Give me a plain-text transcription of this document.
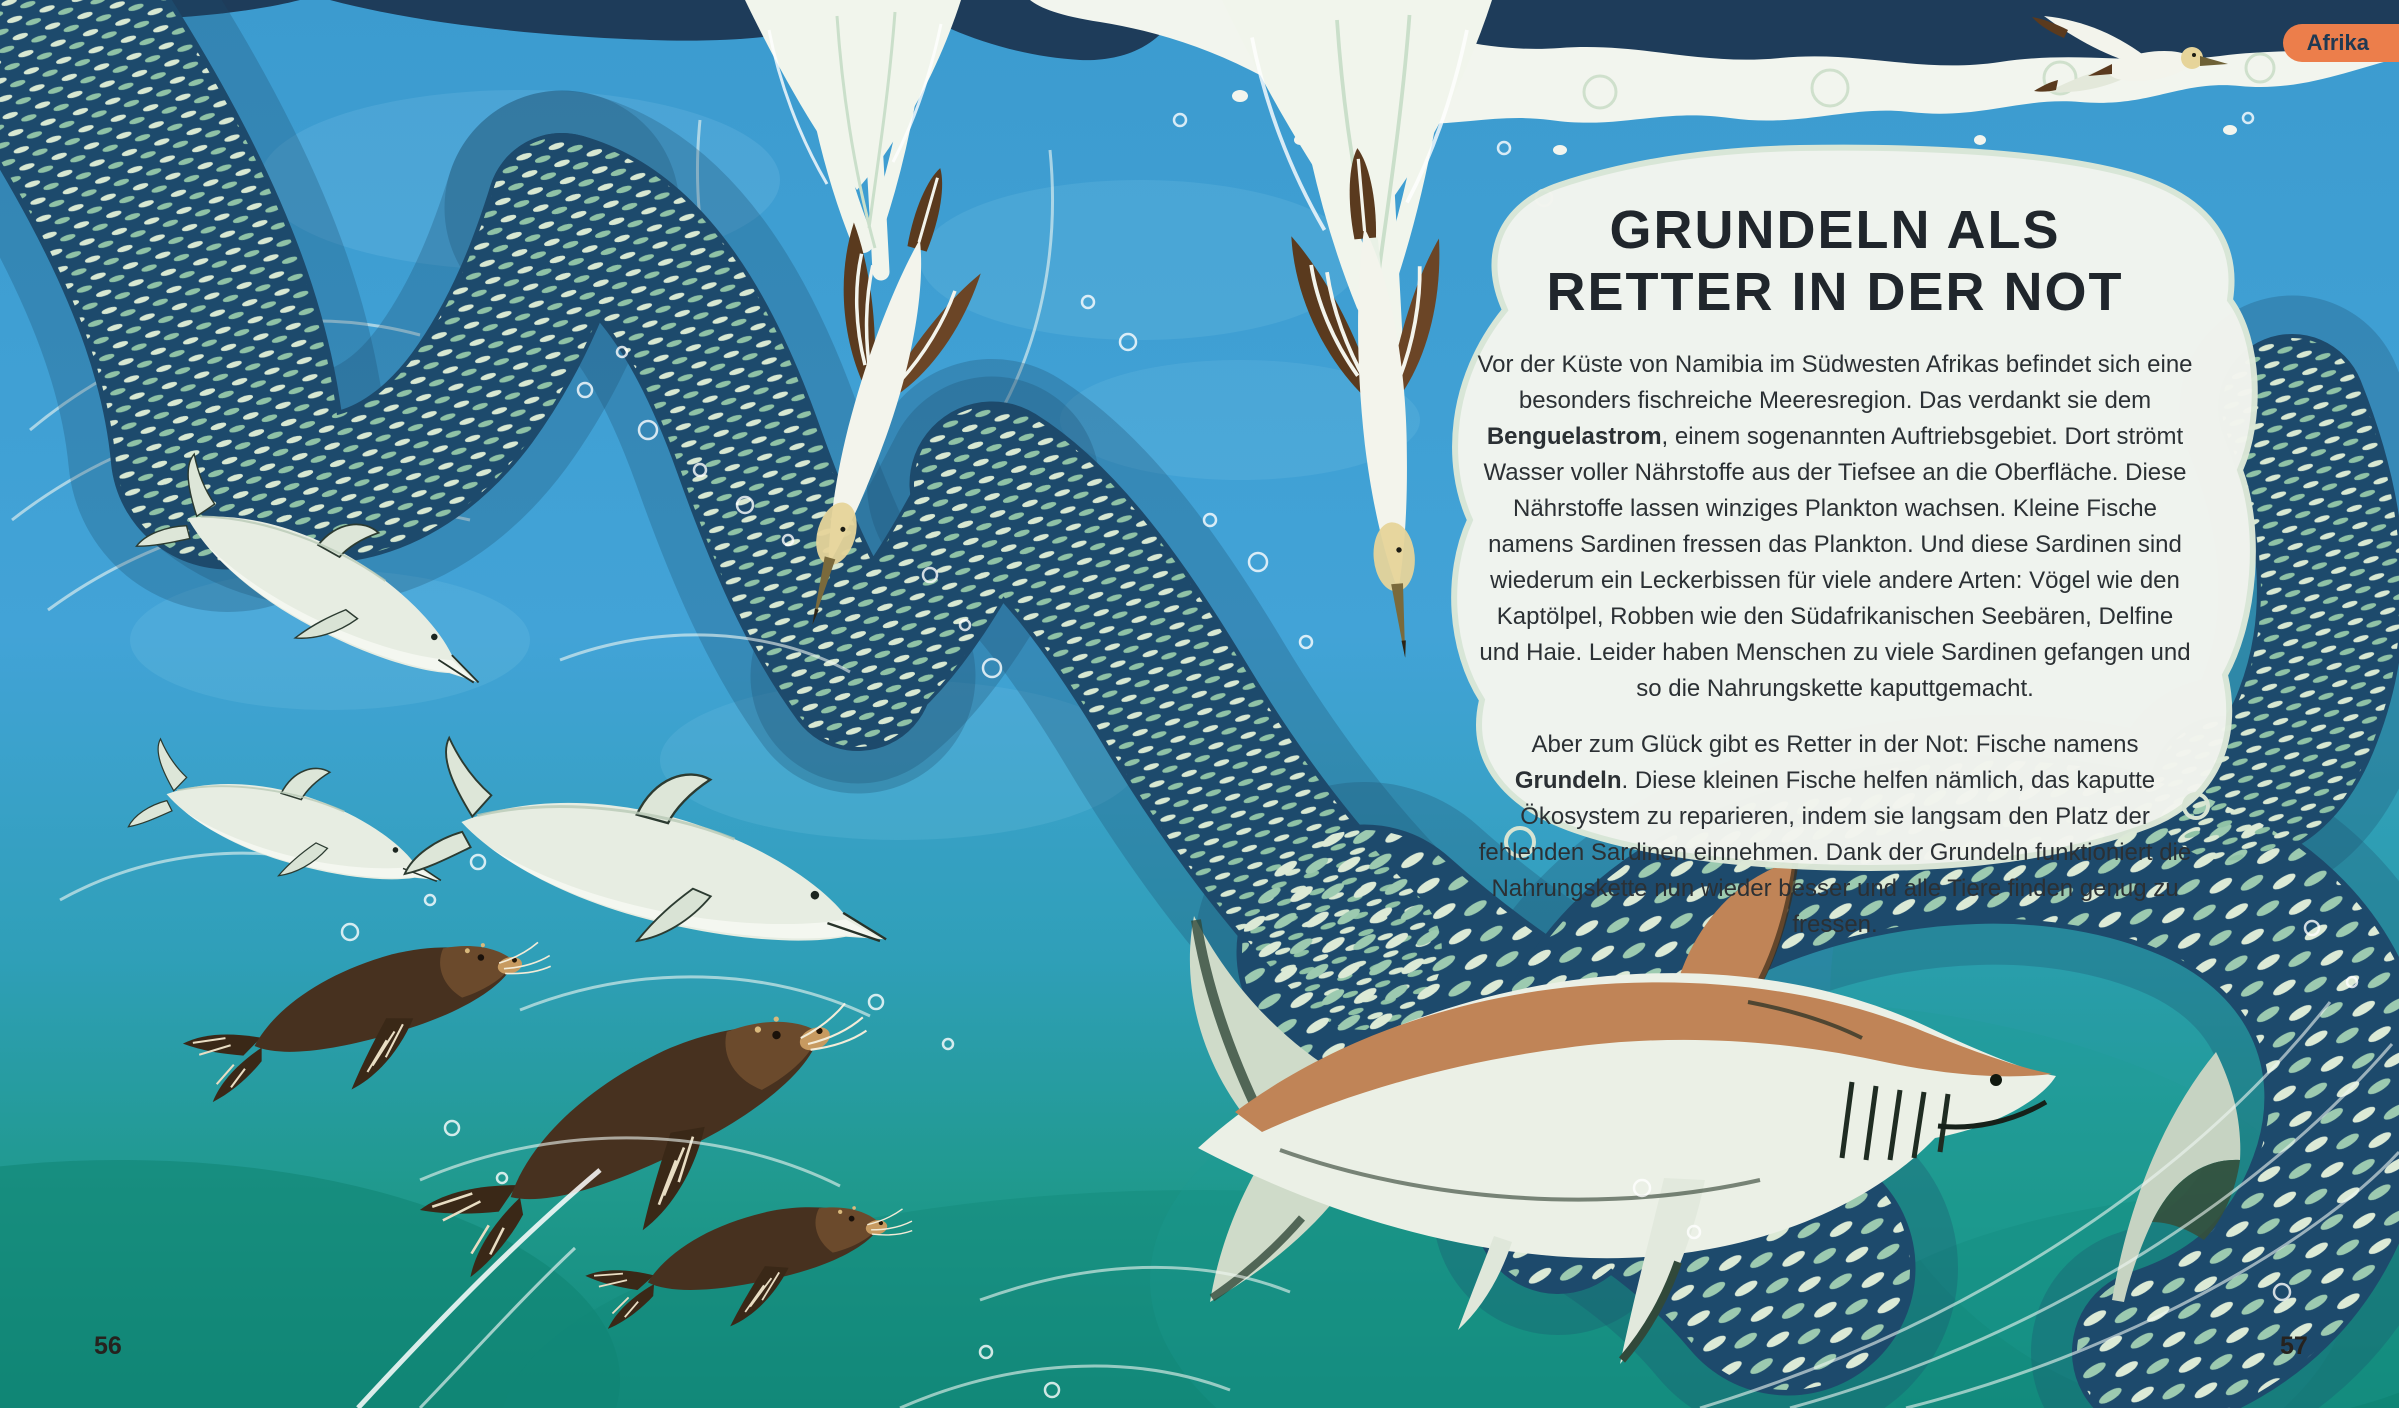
GRUNDELN ALS
RETTER IN DER NOT

Vor der Küste von Namibia im Südwesten Afrikas befindet sich eine besonders fischreiche Meeresregion. Das verdankt sie dem Benguelastrom, einem sogenannten Auftriebsgebiet. Dort strömt Wasser voller Nährstoffe aus der Tiefsee an die Oberfläche. Diese Nährstoffe lassen winziges Plankton wachsen. Kleine Fische namens Sardinen fressen das Plankton. Und diese Sardinen sind wiederum ein Leckerbissen für viele andere Arten: Vögel wie den Kaptölpel, Robben wie den Südafrikanischen Seebären, Delfine und Haie. Leider haben Menschen zu viele Sardinen gefangen und so die Nahrungskette kaputtgemacht.

Aber zum Glück gibt es Retter in der Not: Fische namens Grundeln. Diese kleinen Fische helfen nämlich, das kaputte Ökosystem zu reparieren, indem sie langsam den Platz der fehlenden Sardinen einnehmen. Dank der Grundeln funktioniert die Nahrungskette nun wieder besser und alle Tiere finden genug zu fressen.

Afrika
56	57
